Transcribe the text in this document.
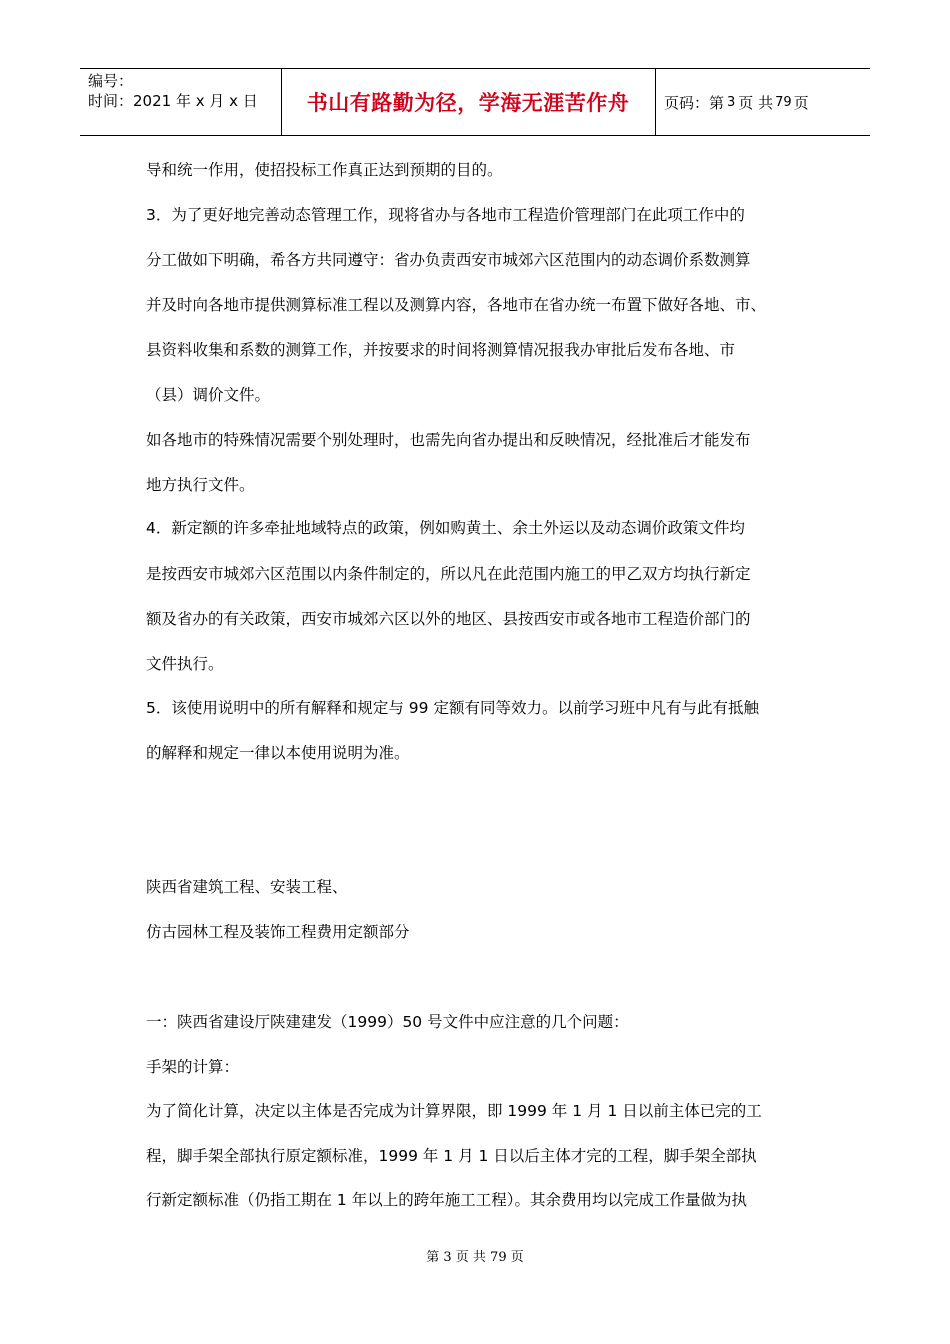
编号：
时间：2021 年 x 月 x 日	书山有路勤为径，学海无涯苦作舟	页码：第 3 页 共 79 页
导和统一作用，使招投标工作真正达到预期的目的。
3．为了更好地完善动态管理工作，现将省办与各地市工程造价管理部门在此项工作中的
分工做如下明确，希各方共同遵守：省办负责西安市城郊六区范围内的动态调价系数测算
并及时向各地市提供测算标准工程以及测算内容，各地市在省办统一布置下做好各地、市、
县资料收集和系数的测算工作，并按要求的时间将测算情况报我办审批后发布各地、市
（县）调价文件。
如各地市的特殊情况需要个别处理时，也需先向省办提出和反映情况，经批准后才能发布
地方执行文件。
4．新定额的许多牵扯地域特点的政策，例如购黄土、余土外运以及动态调价政策文件均
是按西安市城郊六区范围以内条件制定的，所以凡在此范围内施工的甲乙双方均执行新定
额及省办的有关政策，西安市城郊六区以外的地区、县按西安市或各地市工程造价部门的
文件执行。
5．该使用说明中的所有解释和规定与 99 定额有同等效力。以前学习班中凡有与此有抵触
的解释和规定一律以本使用说明为准。
陕西省建筑工程、安装工程、
仿古园林工程及装饰工程费用定额部分
一：陕西省建设厅陕建建发（1999）50 号文件中应注意的几个问题：
手架的计算：
为了简化计算，决定以主体是否完成为计算界限，即 1999 年 1 月 1 日以前主体已完的工
程，脚手架全部执行原定额标准，1999 年 1 月 1 日以后主体才完的工程，脚手架全部执
行新定额标准（仍指工期在 1 年以上的跨年施工工程）。其余费用均以完成工作量做为执
第 3 页 共 79 页
